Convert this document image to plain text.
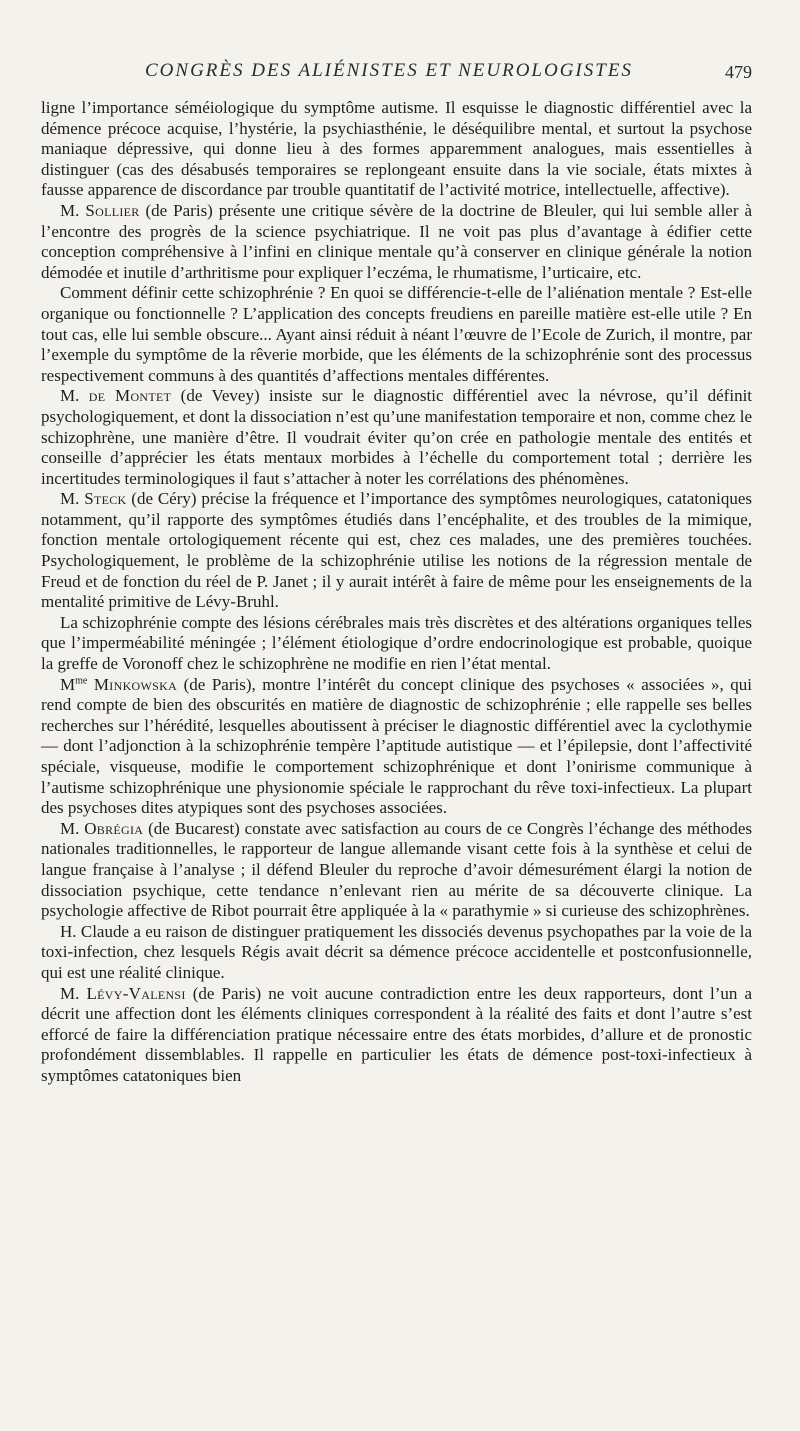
CONGRÈS DES ALIÉNISTES ET NEUROLOGISTES	479

ligne l’importance séméiologique du symptôme autisme. Il esquisse le diagnostic différentiel avec la démence précoce acquise, l’hystérie, la psychiasthénie, le déséquilibre mental, et surtout la psychose maniaque dépressive, qui donne lieu à des formes apparemment analogues, mais essentielles à distinguer (cas des désabusés temporaires se replongeant ensuite dans la vie sociale, états mixtes à fausse apparence de discordance par trouble quantitatif de l’activité motrice, intellectuelle, affective).

M. Sollier (de Paris) présente une critique sévère de la doctrine de Bleuler, qui lui semble aller à l’encontre des progrès de la science psychiatrique. Il ne voit pas plus d’avantage à édifier cette conception compréhensive à l’infini en clinique mentale qu’à conserver en clinique générale la notion démodée et inutile d’arthritisme pour expliquer l’eczéma, le rhumatisme, l’urticaire, etc.

Comment définir cette schizophrénie ? En quoi se différencie-t-elle de l’aliénation mentale ? Est-elle organique ou fonctionnelle ? L’application des concepts freudiens en pareille matière est-elle utile ? En tout cas, elle lui semble obscure... Ayant ainsi réduit à néant l’œuvre de l’Ecole de Zurich, il montre, par l’exemple du symptôme de la rêverie morbide, que les éléments de la schizophrénie sont des processus respectivement communs à des quantités d’affections mentales différentes.

M. de Montet (de Vevey) insiste sur le diagnostic différentiel avec la névrose, qu’il définit psychologiquement, et dont la dissociation n’est qu’une manifestation temporaire et non, comme chez le schizophrène, une manière d’être. Il voudrait éviter qu’on crée en pathologie mentale des entités et conseille d’apprécier les états mentaux morbides à l’échelle du comportement total ; derrière les incertitudes terminologiques il faut s’attacher à noter les corrélations des phénomènes.

M. Steck (de Céry) précise la fréquence et l’importance des symptômes neurologiques, catatoniques notamment, qu’il rapporte des symptômes étudiés dans l’encéphalite, et des troubles de la mimique, fonction mentale ortologiquement récente qui est, chez ces malades, une des premières touchées. Psychologiquement, le problème de la schizophrénie utilise les notions de la régression mentale de Freud et de fonction du réel de P. Janet ; il y aurait intérêt à faire de même pour les enseignements de la mentalité primitive de Lévy-Bruhl.

La schizophrénie compte des lésions cérébrales mais très discrètes et des altérations organiques telles que l’imperméabilité méningée ; l’élément étiologique d’ordre endocrinologique est probable, quoique la greffe de Voronoff chez le schizophrène ne modifie en rien l’état mental.

$M^{me}$ Minkowska (de Paris), montre l’intérêt du concept clinique des psychoses « associées », qui rend compte de bien des obscurités en matière de diagnostic de schizophrénie ; elle rappelle ses belles recherches sur l’hérédité, lesquelles aboutissent à préciser le diagnostic différentiel avec la cyclothymie — dont l’adjonction à la schizophrénie tempère l’aptitude autistique — et l’épilepsie, dont l’affectivité spéciale, visqueuse, modifie le comportement schizophrénique et dont l’onirisme communique à l’autisme schizophrénique une physionomie spéciale le rapprochant du rêve toxi-infectieux. La plupart des psychoses dites atypiques sont des psychoses associées.

M. Obrégia (de Bucarest) constate avec satisfaction au cours de ce Congrès l’échange des méthodes nationales traditionnelles, le rapporteur de langue allemande visant cette fois à la synthèse et celui de langue française à l’analyse ; il défend Bleuler du reproche d’avoir démesurément élargi la notion de dissociation psychique, cette tendance n’enlevant rien au mérite de sa découverte clinique. La psychologie affective de Ribot pourrait être appliquée à la « parathymie » si curieuse des schizophrènes.

H. Claude a eu raison de distinguer pratiquement les dissociés devenus psychopathes par la voie de la toxi-infection, chez lesquels Régis avait décrit sa démence précoce accidentelle et postconfusionnelle, qui est une réalité clinique.

M. Lévy-Valensi (de Paris) ne voit aucune contradiction entre les deux rapporteurs, dont l’un a décrit une affection dont les éléments cliniques correspondent à la réalité des faits et dont l’autre s’est efforcé de faire la différenciation pratique nécessaire entre des états morbides, d’allure et de pronostic profondément dissemblables. Il rappelle en particulier les états de démence post-toxi-infectieux à symptômes catatoniques bien
